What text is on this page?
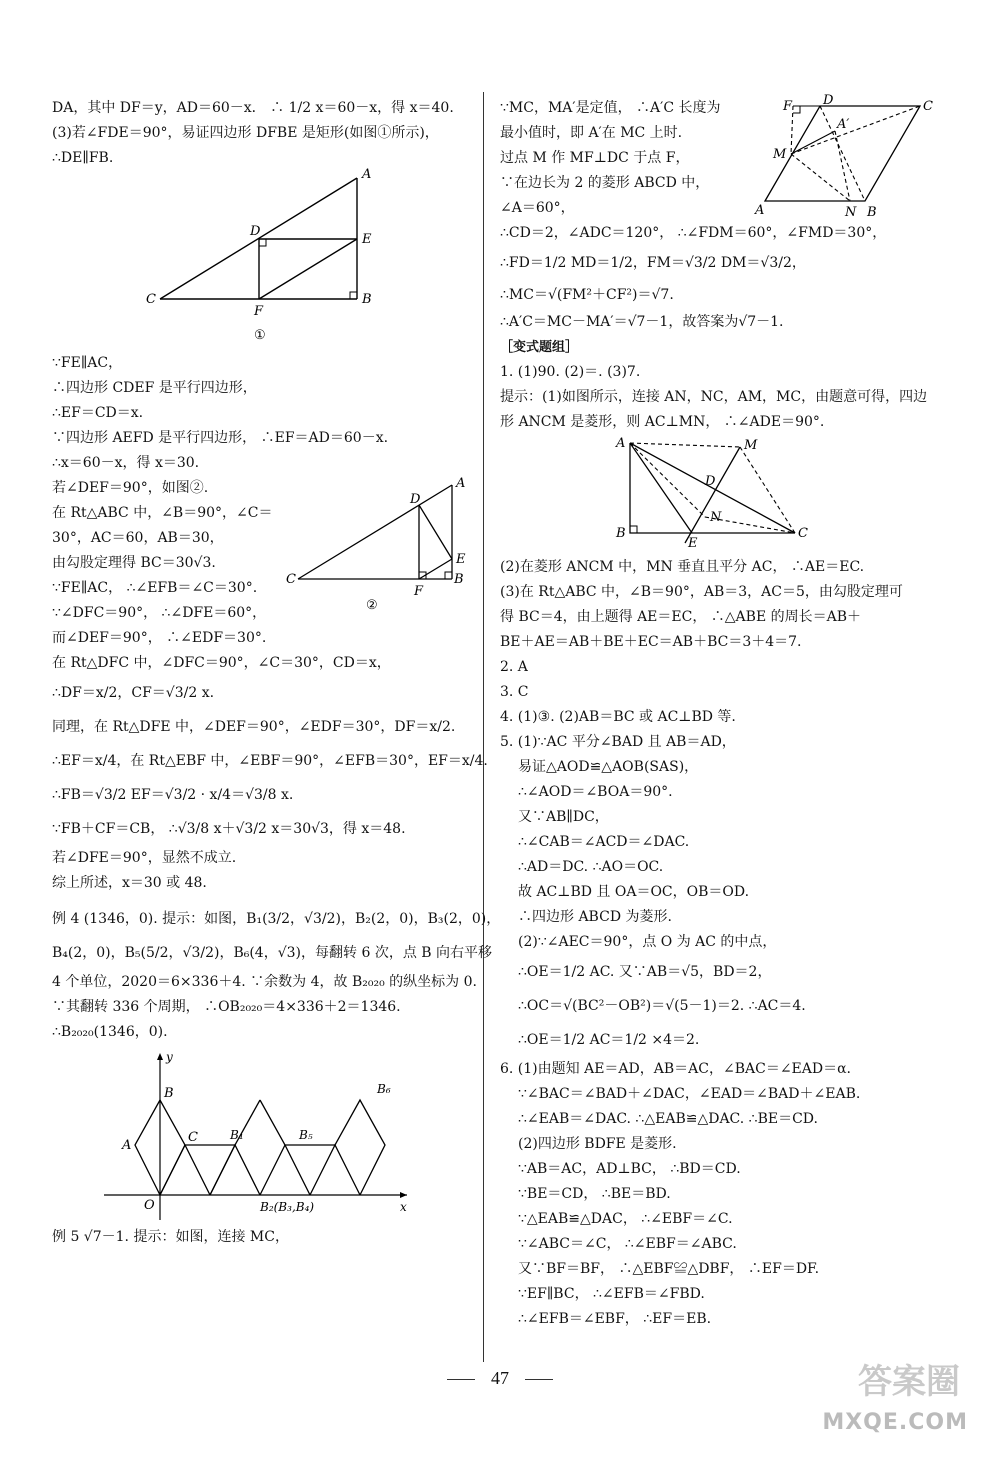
DA，其中 DF＝y，AD＝60－x． ∴ 1/2 x＝60－x，得 x＝40.
(3)若∠FDE＝90°，易证四边形 DFBE 是矩形(如图①所示)，
∴DE∥FB.
A
C
D
E
F
B
①
∵FE∥AC，
∴四边形 CDEF 是平行四边形，
∴EF＝CD＝x.
∵四边形 AEFD 是平行四边形， ∴EF＝AD＝60－x.
∴x＝60－x，得 x＝30.
若∠DEF＝90°，如图②.
在 Rt△ABC 中，∠B＝90°，∠C＝
30°，AC＝60，AB＝30，
由勾股定理得 BC＝30√3.
∵FE∥AC， ∴∠EFB＝∠C＝30°.
∵∠DFC＝90°， ∴∠DFE＝60°，
而∠DEF＝90°， ∴∠EDF＝30°.
在 Rt△DFC 中，∠DFC＝90°，∠C＝30°，CD＝x，
A
D
E
C
F
B
②
∴DF＝x/2，CF＝√3/2 x.
同理，在 Rt△DFE 中，∠DEF＝90°，∠EDF＝30°，DF＝x/2.
∴EF＝x/4，在 Rt△EBF 中，∠EBF＝90°，∠EFB＝30°，EF＝x/4.
∴FB＝√3/2 EF＝√3/2 · x/4＝√3/8 x.
∵FB＋CF＝CB， ∴√3/8 x＋√3/2 x＝30√3，得 x＝48.
若∠DFE＝90°，显然不成立.
综上所述，x＝30 或 48.
例 4 (1346，0). 提示：如图，B₁(3/2，√3/2)，B₂(2，0)，B₃(2，0)，
B₄(2，0)，B₅(5/2，√3/2)，B₆(4，√3)，每翻转 6 次，点 B 向右平移
4 个单位，2020＝6×336＋4. ∵余数为 4，故 B₂₀₂₀ 的纵坐标为 0.
∵其翻转 336 个周期， ∴OB₂₀₂₀＝4×336＋2＝1346.
∴B₂₀₂₀(1346，0).
y
x
O
B
A
C	B₁	B₅
B₆
B₂(B₃,B₄)
例 5 √7－1. 提示：如图，连接 MC，
∵MC，MA′是定值， ∴A′C 长度为
最小值时，即 A′在 MC 上时.
过点 M 作 MF⊥DC 于点 F，
∵在边长为 2 的菱形 ABCD 中，
∠A＝60°，
F D	C
M
A′
A	N B
∴CD＝2，∠ADC＝120°， ∴∠FDM＝60°，∠FMD＝30°，
∴FD＝1/2 MD＝1/2，FM＝√3/2 DM＝√3/2，
∴MC＝√(FM²＋CF²)＝√7.
∴A′C＝MC－MA′＝√7－1，故答案为√7－1.
［变式题组］
1. (1)90. (2)＝. (3)7.
提示：(1)如图所示，连接 AN，NC，AM，MC，由题意可得，四边
形 ANCM 是菱形，则 AC⊥MN， ∴∠ADE＝90°.
A	M
D
N
B
E
C
(2)在菱形 ANCM 中，MN 垂直且平分 AC， ∴AE＝EC.
(3)在 Rt△ABC 中，∠B＝90°，AB＝3，AC＝5，由勾股定理可
得 BC＝4，由上题得 AE＝EC， ∴△ABE 的周长＝AB＋
BE＋AE＝AB＋BE＋EC＝AB＋BC＝3＋4＝7.
2. A
3. C
4. (1)③. (2)AB＝BC 或 AC⊥BD 等.
5. (1)∵AC 平分∠BAD 且 AB＝AD，
易证△AOD≌△AOB(SAS)，
∴∠AOD＝∠BOA＝90°.
又∵AB∥DC，
∴∠CAB＝∠ACD＝∠DAC.
∴AD＝DC. ∴AO＝OC.
故 AC⊥BD 且 OA＝OC，OB＝OD.
∴四边形 ABCD 为菱形.
(2)∵∠AEC＝90°，点 O 为 AC 的中点，
∴OE＝1/2 AC. 又∵AB＝√5，BD＝2，
∴OC＝√(BC²－OB²)＝√(5－1)＝2. ∴AC＝4.
∴OE＝1/2 AC＝1/2 ×4＝2.
6. (1)由题知 AE＝AD，AB＝AC，∠BAC＝∠EAD＝α.
∵∠BAC＝∠BAD＋∠DAC，∠EAD＝∠BAD＋∠EAB.
∴∠EAB＝∠DAC. ∴△EAB≌△DAC. ∴BE＝CD.
(2)四边形 BDFE 是菱形.
∵AB＝AC，AD⊥BC， ∴BD＝CD.
∵BE＝CD， ∴BE＝BD.
∵△EAB≌△DAC， ∴∠EBF＝∠C.
∵∠ABC＝∠C， ∴∠EBF＝∠ABC.
又∵BF＝BF， ∴△EBF≌△DBF， ∴EF＝DF.
∵EF∥BC， ∴∠EFB＝∠FBD.
∴∠EFB＝∠EBF， ∴EF＝EB.
47	答案圈
MXQE.COM
